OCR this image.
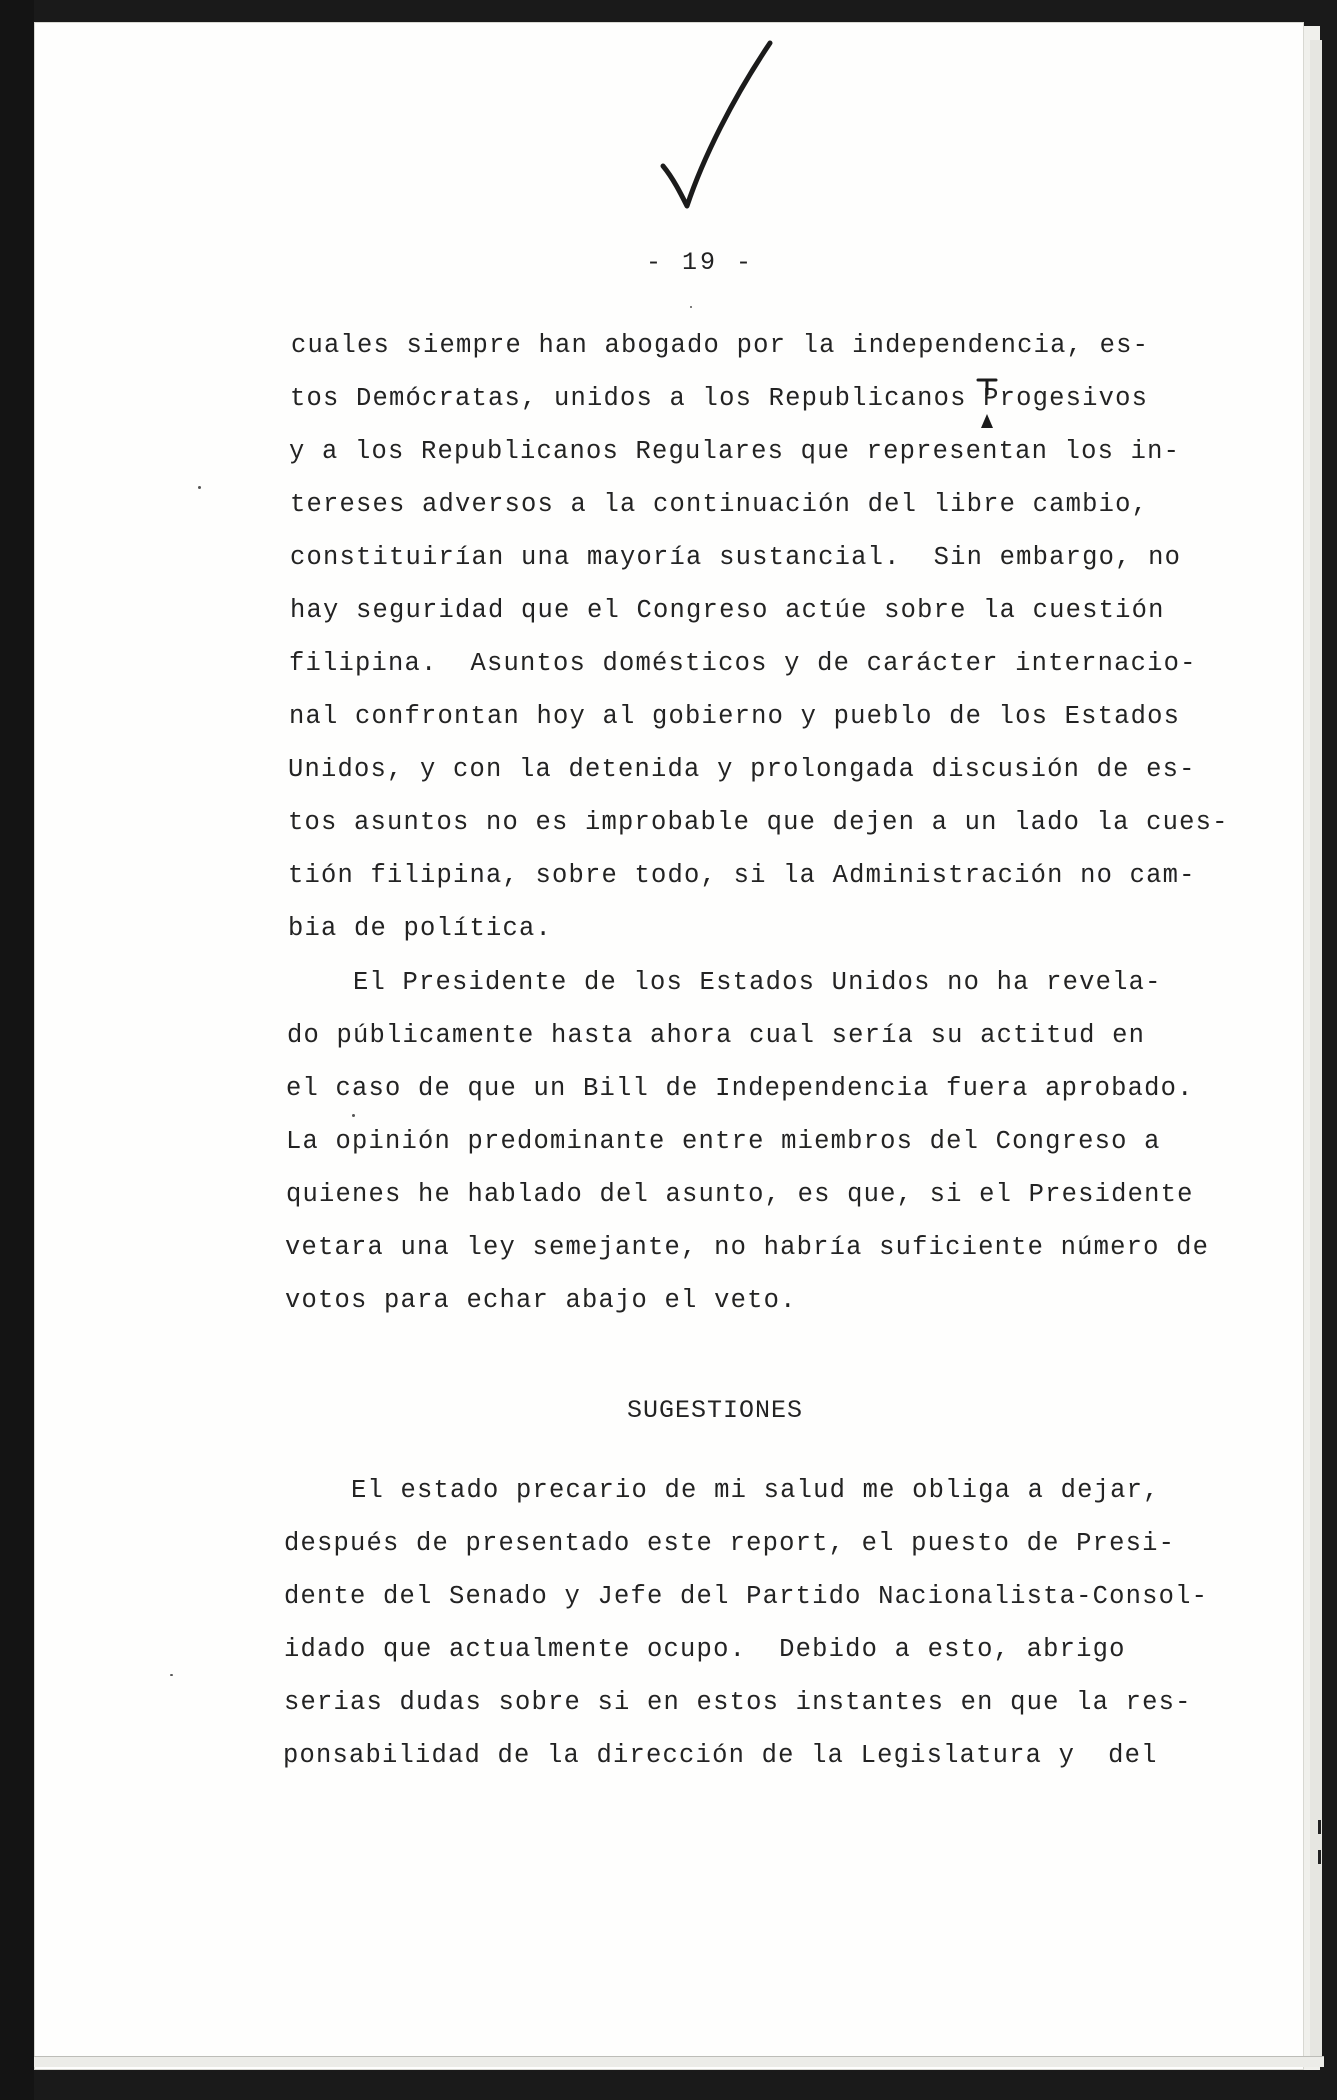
- 19 -
cuales siempre han abogado por la independencia, es-
tos Demócratas, unidos a los Republicanos Progesivos
y a los Republicanos Regulares que representan los in-
tereses adversos a la continuación del libre cambio,
constituirían una mayoría sustancial.  Sin embargo, no
hay seguridad que el Congreso actúe sobre la cuestión
filipina.  Asuntos domésticos y de carácter internacio-
nal confrontan hoy al gobierno y pueblo de los Estados
Unidos, y con la detenida y prolongada discusión de es-
tos asuntos no es improbable que dejen a un lado la cues-
tión filipina, sobre todo, si la Administración no cam-
bia de política.
El Presidente de los Estados Unidos no ha revela-
do públicamente hasta ahora cual sería su actitud en
el caso de que un Bill de Independencia fuera aprobado.
La opinión predominante entre miembros del Congreso a
quienes he hablado del asunto, es que, si el Presidente
vetara una ley semejante, no habría suficiente número de
votos para echar abajo el veto.
SUGESTIONES
El estado precario de mi salud me obliga a dejar,
después de presentado este report, el puesto de Presi-
dente del Senado y Jefe del Partido Nacionalista-Consol-
idado que actualmente ocupo.  Debido a esto, abrigo
serias dudas sobre si en estos instantes en que la res-
ponsabilidad de la dirección de la Legislatura y  del
